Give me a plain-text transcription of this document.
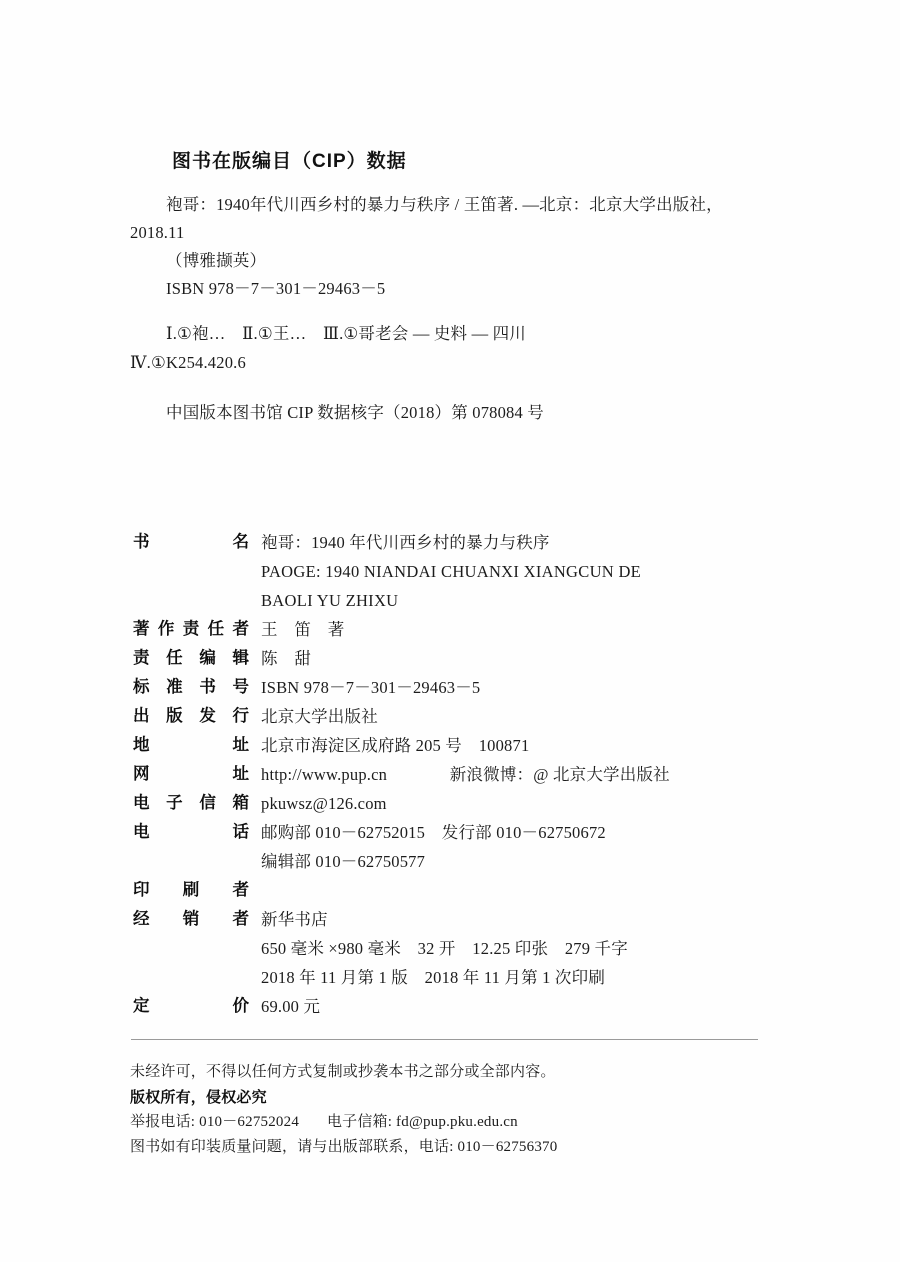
图书在版编目（CIP）数据
袍哥：1940年代川西乡村的暴力与秩序 / 王笛著. —北京：北京大学出版社，2018.11
（博雅撷英）
ISBN 978－7－301－29463－5
Ⅰ.①袍…　Ⅱ.①王…　Ⅲ.①哥老会 — 史料 — 四川
Ⅳ.①K254.420.6
中国版本图书馆 CIP 数据核字（2018）第 078084 号
书名 袍哥：1940 年代川西乡村的暴力与秩序
PAOGE: 1940 NIANDAI CHUANXI XIANGCUN DE
BAOLI YU ZHIXU
著作责任者 王　笛　著
责任编辑 陈　甜
标准书号 ISBN 978－7－301－29463－5
出版发行 北京大学出版社
地址 北京市海淀区成府路 205 号　100871
网址 http://www.pup.cn	新浪微博：@ 北京大学出版社
电子信箱 pkuwsz@126.com
电话 邮购部 010－62752015　发行部 010－62750672
编辑部 010－62750577
印刷者

经销者 新华书店
650 毫米 ×980 毫米　32 开　12.25 印张　279 千字
2018 年 11 月第 1 版　2018 年 11 月第 1 次印刷
定价 69.00 元
未经许可，不得以任何方式复制或抄袭本书之部分或全部内容。
版权所有，侵权必究
举报电话: 010－62752024 电子信箱: fd@pup.pku.edu.cn
图书如有印装质量问题，请与出版部联系，电话: 010－62756370
